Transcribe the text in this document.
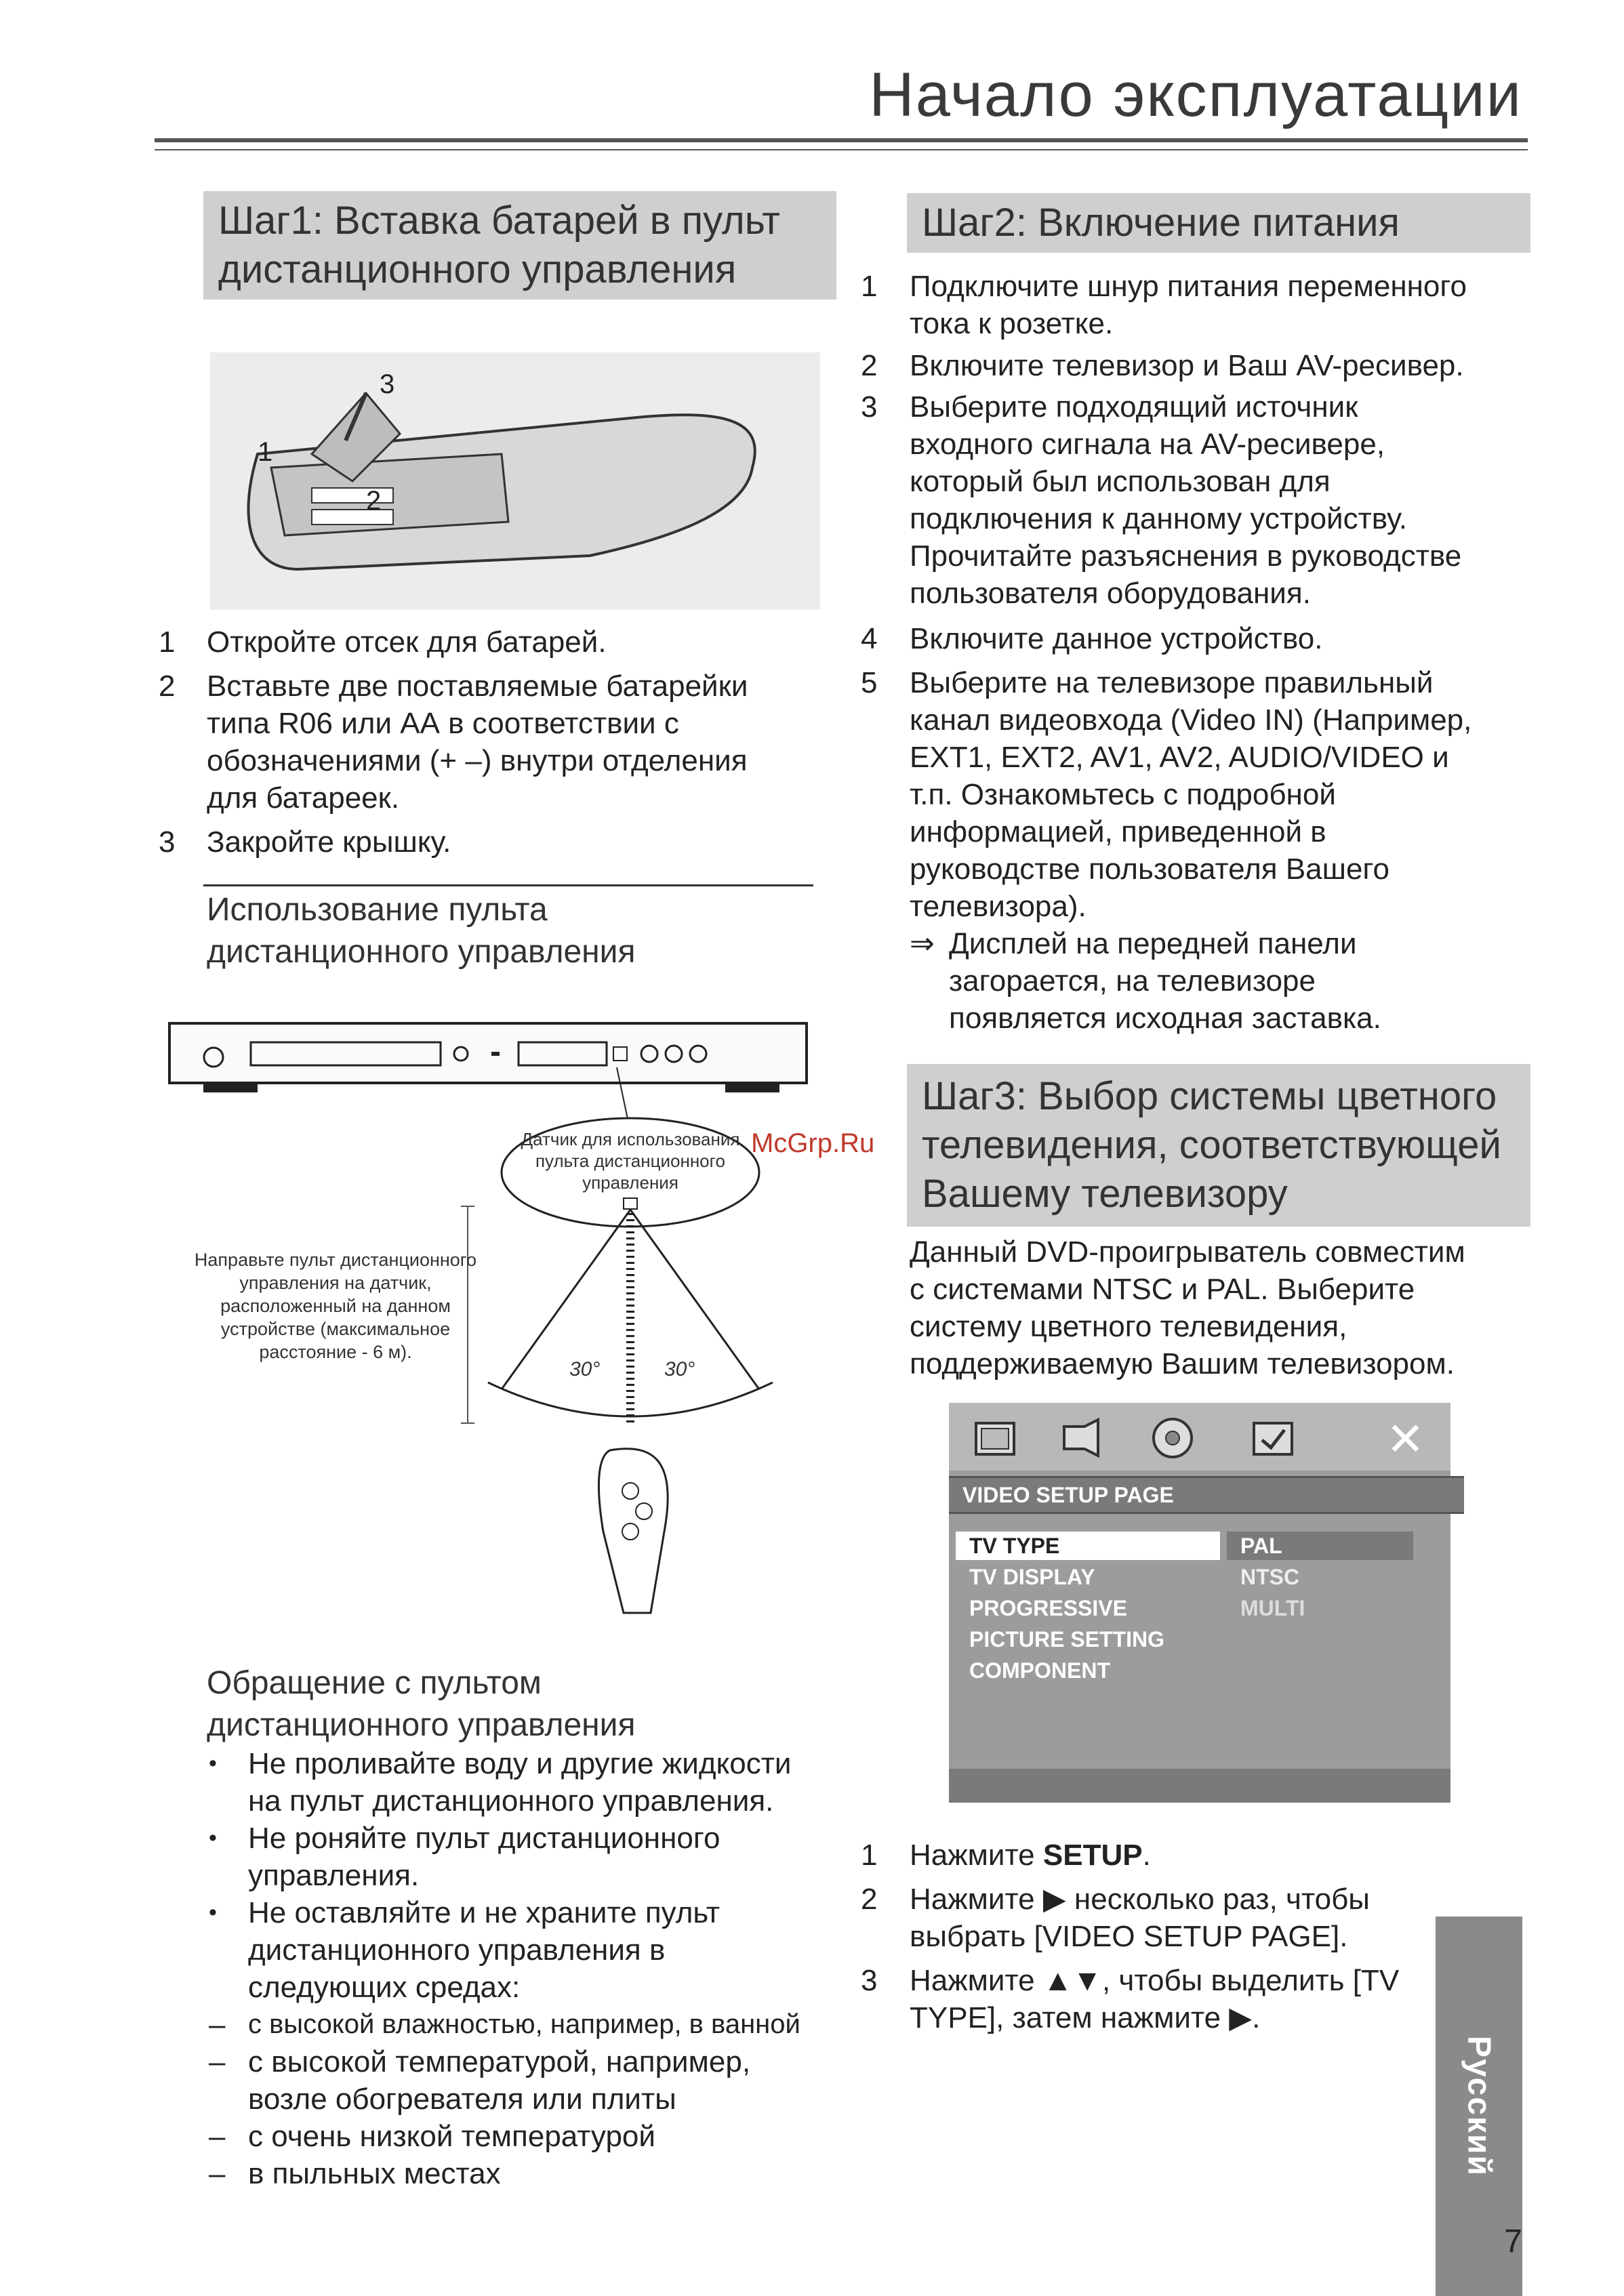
Начало эксплуатации
Шаг1: Вставка батарей в пульт
дистанционного управления
1
2
3
1 Откройте отсек для батарей.
2 Вставьте две поставляемые батарейки
типа R06 или АА в соответствии с
обозначениями (+ –) внутри отделения
для батареек.
3 Закройте крышку.
Использование пульта
дистанционного управления
Датчик для использования
пульта дистанционного
управления
30°	30°
Направьте пульт дистанционного
управления на датчик,
расположенный на данном
устройстве (максимальное
расстояние - 6 м).
McGrp.Ru
Обращение с пультом
дистанционного управления
• Не проливайте воду и другие жидкости
на пульт дистанционного управления.
• Не роняйте пульт дистанционного
управления.
• Не оставляйте и не храните пульт
дистанционного управления в
следующих средах:
– с высокой влажностью, например, в ванной
– с высокой температурой, например,
возле обогревателя или плиты
– с очень низкой температурой
– в пыльных местах
Шаг2: Включение питания
1 Подключите шнур питания переменного
тока к розетке.
2 Включите телевизор и Ваш AV-ресивер.
3 Выберите подходящий источник
входного сигнала на AV-ресивере,
который был использован для
подключения к данному устройству.
Прочитайте разъяснения в руководстве
пользователя оборудования.
4 Включите данное устройство.
5 Выберите на телевизоре правильный
канал видеовхода (Video IN) (Например,
EXT1, EXT2, AV1, AV2, AUDIO/VIDEO и
т.п. Ознакомьтесь с подробной
информацией, приведенной в
руководстве пользователя Вашего
телевизора).
⇒ Дисплей на передней панели
загорается, на телевизоре
появляется исходная заставка.
Шаг3: Выбор системы цветного
телевидения, соответствующей
Вашему телевизору
Данный DVD-проигрыватель совместим
с системами NTSC и PAL. Выберите
систему цветного телевидения,
поддерживаемую Вашим телевизором.
✕
VIDEO SETUP PAGE
TV TYPE
TV DISPLAY
PROGRESSIVE
PICTURE SETTING
COMPONENT
PAL
NTSC
MULTI
1 Нажмите SETUP.
2 Нажмите ▶ несколько раз, чтобы
выбрать [VIDEO SETUP PAGE].
3 Нажмите ▲▼, чтобы выделить [TV
TYPE], затем нажмите ▶.
Русский
7
